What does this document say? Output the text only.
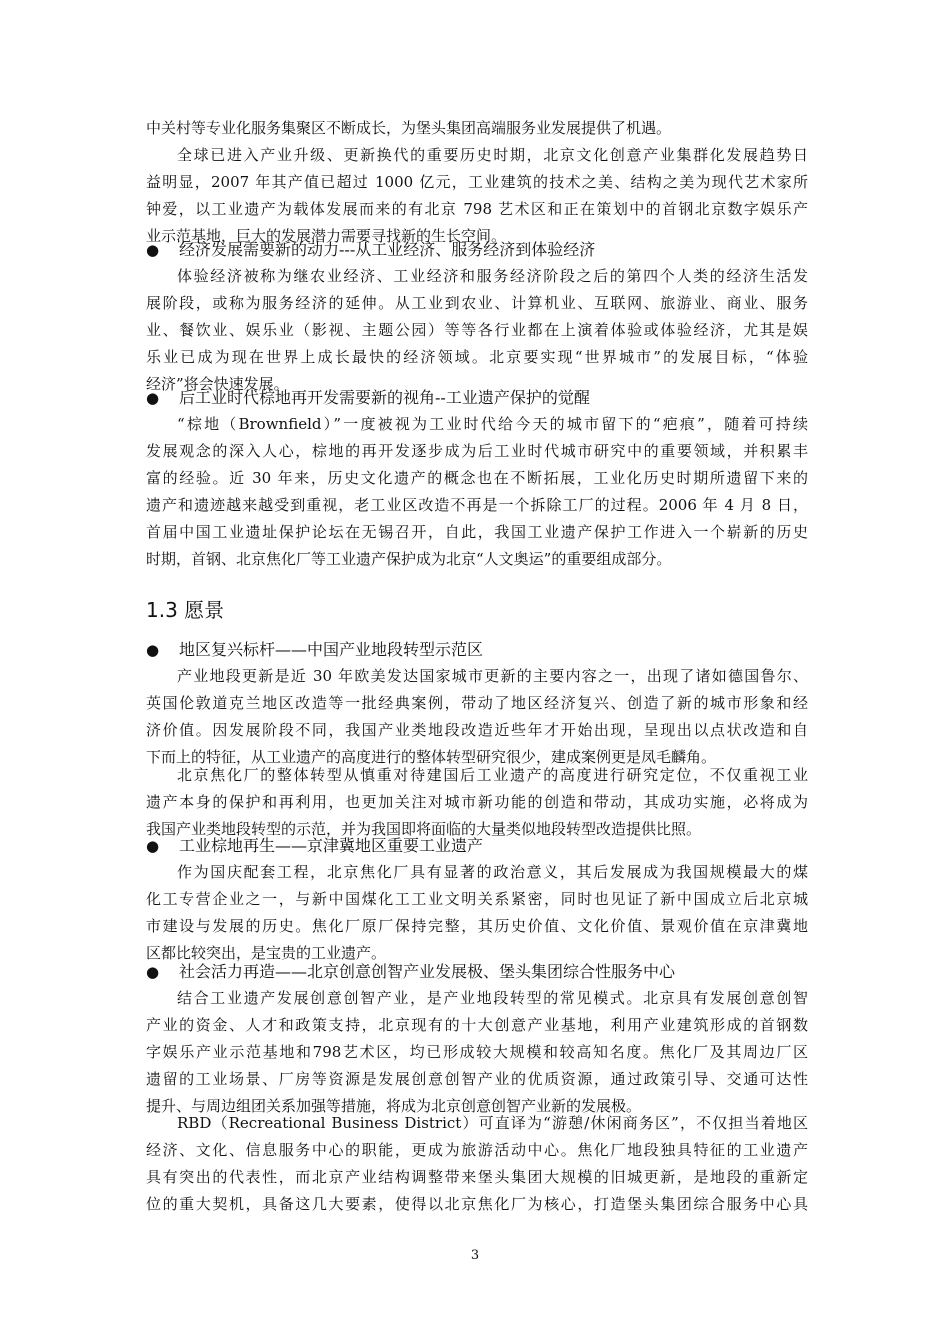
中关村等专业化服务集聚区不断成长，为堡头集团高端服务业发展提供了机遇。
全球已进入产业升级、更新换代的重要历史时期，北京文化创意产业集群化发展趋势日
益明显，2007 年其产值已超过 1000 亿元，工业建筑的技术之美、结构之美为现代艺术家所
钟爱，以工业遗产为载体发展而来的有北京 798 艺术区和正在策划中的首钢北京数字娱乐产
业示范基地，巨大的发展潜力需要寻找新的生长空间。
● 经济发展需要新的动力---从工业经济、服务经济到体验经济
体验经济被称为继农业经济、工业经济和服务经济阶段之后的第四个人类的经济生活发
展阶段，或称为服务经济的延伸。从工业到农业、计算机业、互联网、旅游业、商业、服务
业、餐饮业、娱乐业（影视、主题公园）等等各行业都在上演着体验或体验经济，尤其是娱
乐业已成为现在世界上成长最快的经济领域。北京要实现“世界城市”的发展目标，“体验
经济”将会快速发展。
● 后工业时代棕地再开发需要新的视角--工业遗产保护的觉醒
“棕地（Brownfield）”一度被视为工业时代给今天的城市留下的“疤痕”，随着可持续
发展观念的深入人心，棕地的再开发逐步成为后工业时代城市研究中的重要领域，并积累丰
富的经验。近 30 年来，历史文化遗产的概念也在不断拓展，工业化历史时期所遗留下来的
遗产和遗迹越来越受到重视，老工业区改造不再是一个拆除工厂的过程。2006 年 4 月 8 日，
首届中国工业遗址保护论坛在无锡召开，自此，我国工业遗产保护工作进入一个崭新的历史
时期，首钢、北京焦化厂等工业遗产保护成为北京“人文奥运”的重要组成部分。
1.3 愿景
● 地区复兴标杆——中国产业地段转型示范区
产业地段更新是近 30 年欧美发达国家城市更新的主要内容之一，出现了诸如德国鲁尔、
英国伦敦道克兰地区改造等一批经典案例，带动了地区经济复兴、创造了新的城市形象和经
济价值。因发展阶段不同，我国产业类地段改造近些年才开始出现，呈现出以点状改造和自
下而上的特征，从工业遗产的高度进行的整体转型研究很少，建成案例更是凤毛麟角。
北京焦化厂的整体转型从慎重对待建国后工业遗产的高度进行研究定位，不仅重视工业
遗产本身的保护和再利用，也更加关注对城市新功能的创造和带动，其成功实施，必将成为
我国产业类地段转型的示范，并为我国即将面临的大量类似地段转型改造提供比照。
● 工业棕地再生——京津冀地区重要工业遗产
作为国庆配套工程，北京焦化厂具有显著的政治意义，其后发展成为我国规模最大的煤
化工专营企业之一，与新中国煤化工工业文明关系紧密，同时也见证了新中国成立后北京城
市建设与发展的历史。焦化厂原厂保持完整，其历史价值、文化价值、景观价值在京津冀地
区都比较突出，是宝贵的工业遗产。
● 社会活力再造——北京创意创智产业发展极、堡头集团综合性服务中心
结合工业遗产发展创意创智产业，是产业地段转型的常见模式。北京具有发展创意创智
产业的资金、人才和政策支持，北京现有的十大创意产业基地，利用产业建筑形成的首钢数
字娱乐产业示范基地和798艺术区，均已形成较大规模和较高知名度。焦化厂及其周边厂区
遗留的工业场景、厂房等资源是发展创意创智产业的优质资源，通过政策引导、交通可达性
提升、与周边组团关系加强等措施，将成为北京创意创智产业新的发展极。
RBD（Recreational Business District）可直译为“游憩/休闲商务区”，不仅担当着地区
经济、文化、信息服务中心的职能，更成为旅游活动中心。焦化厂地段独具特征的工业遗产
具有突出的代表性，而北京产业结构调整带来堡头集团大规模的旧城更新，是地段的重新定
位的重大契机，具备这几大要素，使得以北京焦化厂为核心，打造堡头集团综合服务中心具
3
